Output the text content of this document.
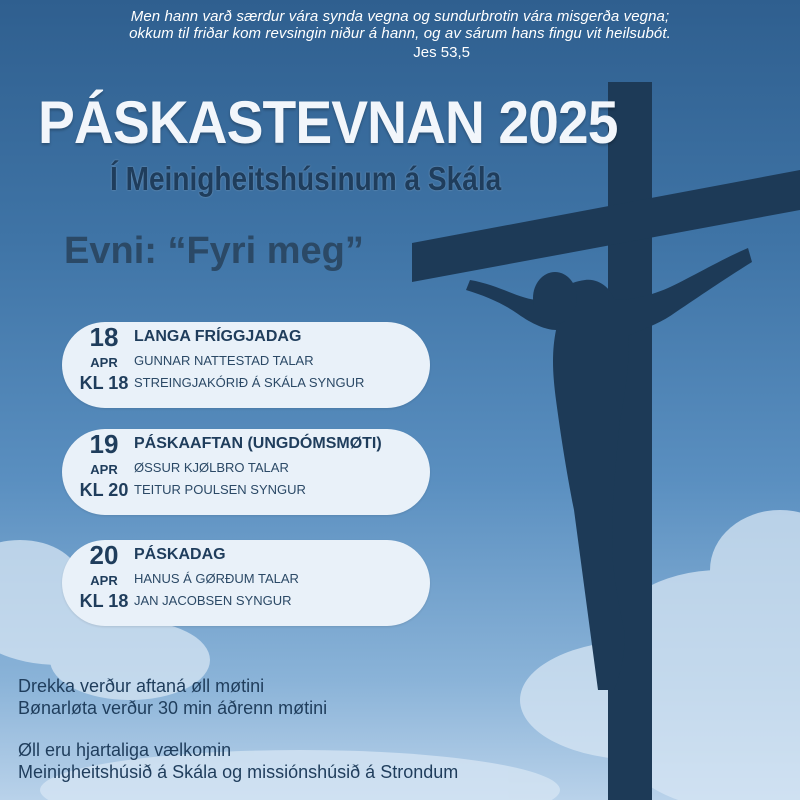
Men hann varð særdur vára synda vegna og sundurbrotin vára misgerða vegna;
okkum til friðar kom revsingin niður á hann, og av sárum hans fingu vit heilsubót.
Jes 53,5
PÁSKASTEVNAN 2025
Í Meinigheitshúsinum á Skála
Evni: “Fyri meg”
18
APR
KL 18
LANGA FRÍGGJADAG
GUNNAR NATTESTAD TALAR
STREINGJAKÓRIÐ Á SKÁLA SYNGUR
19
APR
KL 20
PÁSKAAFTAN (UNGDÓMSMØTI)
ØSSUR KJØLBRO TALAR
TEITUR POULSEN SYNGUR
20
APR
KL 18
PÁSKADAG
HANUS Á GØRÐUM TALAR
JAN JACOBSEN SYNGUR
Drekka verður aftaná øll møtini
Bønarløta verður 30 min áðrenn møtini
Øll eru hjartaliga vælkomin
Meinigheitshúsið á Skála og missiónshúsið á Strondum
